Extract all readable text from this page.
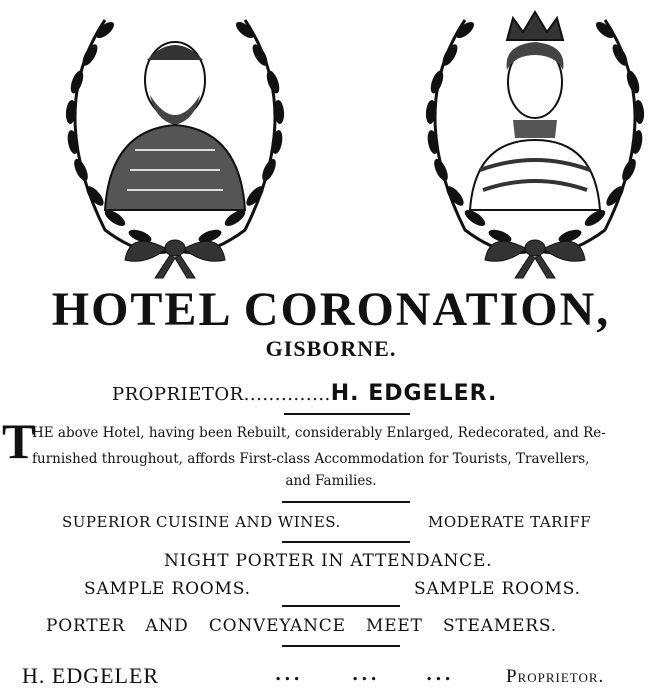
HOTEL CORONATION,
GISBORNE.
PROPRIETOR..............H. EDGELER.
T
HE above Hotel, having been Rebuilt, considerably Enlarged, Redecorated, and Re-
furnished throughout, affords First-class Accommodation for Tourists, Travellers,
and Families.
SUPERIOR CUISINE AND WINES.	MODERATE TARIFF
NIGHT PORTER IN ATTENDANCE.
SAMPLE ROOMS.	SAMPLE ROOMS.
PORTER AND CONVEYANCE MEET STEAMERS.
H. EDGELER	...	...	...	Proprietor.
